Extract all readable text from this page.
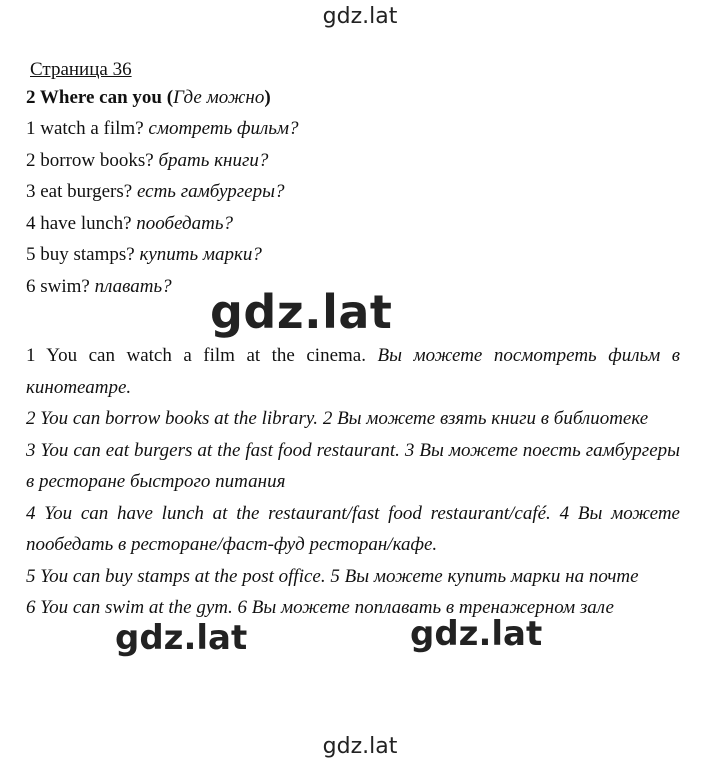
gdz.lat
Страница 36
2 Where can you (Где можно)
1 watch a film? смотреть фильм?
2 borrow books? брать книги?
3 eat burgers? есть гамбургеры?
4 have lunch? пообедать?
5 buy stamps? купить марки?
6 swim? плавать? gdz.lat
1 You can watch a film at the cinema. Вы можете посмотреть фильм в кинотеатре.
2 You can borrow books at the library. 2 Вы можете взять книги в библиотеке
3 You can eat burgers at the fast food restaurant. 3 Вы можете поесть гамбургеры в ресторане быстрого питания
4 You can have lunch at the restaurant/fast food restaurant/café. 4 Вы можете пообедать в ресторане/фаст-фуд ресторан/кафе.
5 You can buy stamps at the post office. 5 Вы можете купить марки на почте
6 You can swim at the gym. 6 Вы можете поплавать в тренажерном зале
gdz.lat	gdz.lat
gdz.lat
